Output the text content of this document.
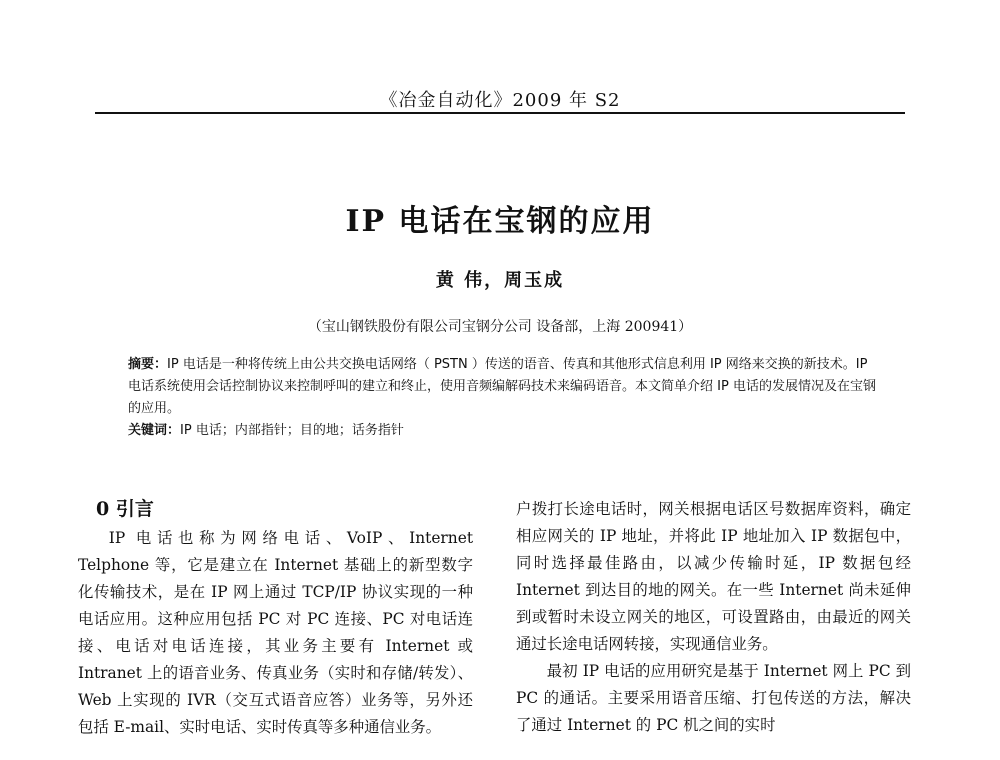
《冶金自动化》2009 年 S2
IP 电话在宝钢的应用
黄 伟，周玉成
（宝山钢铁股份有限公司宝钢分公司 设备部，上海 200941）

摘要：IP 电话是一种将传统上由公共交换电话网络（ PSTN ）传送的语音、传真和其他形式信息利用 IP 网络来交换的新技术。IP 电话系统使用会话控制协议来控制呼叫的建立和终止，使用音频编解码技术来编码语音。本文简单介绍 IP 电话的发展情况及在宝钢的应用。

关键词：IP 电话；内部指针；目的地；话务指针

0 引言

IP 电话也称为网络电话、VoIP、Internet Telphone 等，它是建立在 Internet 基础上的新型数字化传输技术，是在 IP 网上通过 TCP/IP 协议实现的一种电话应用。这种应用包括 PC 对 PC 连接、PC 对电话连接、电话对电话连接，其业务主要有 Internet 或 Intranet 上的语音业务、传真业务（实时和存储/转发）、Web 上实现的 IVR（交互式语音应答）业务等，另外还包括 E-mail、实时电话、实时传真等多种通信业务。

户拨打长途电话时，网关根据电话区号数据库资料，确定相应网关的 IP 地址，并将此 IP 地址加入 IP 数据包中，同时选择最佳路由，以减少传输时延，IP 数据包经 Internet 到达目的地的网关。在一些 Internet 尚未延伸到或暂时未设立网关的地区，可设置路由，由最近的网关通过长途电话网转接，实现通信业务。

最初 IP 电话的应用研究是基于 Internet 网上 PC 到 PC 的通话。主要采用语音压缩、打包传送的方法，解决了通过 Internet 的 PC 机之间的实时
